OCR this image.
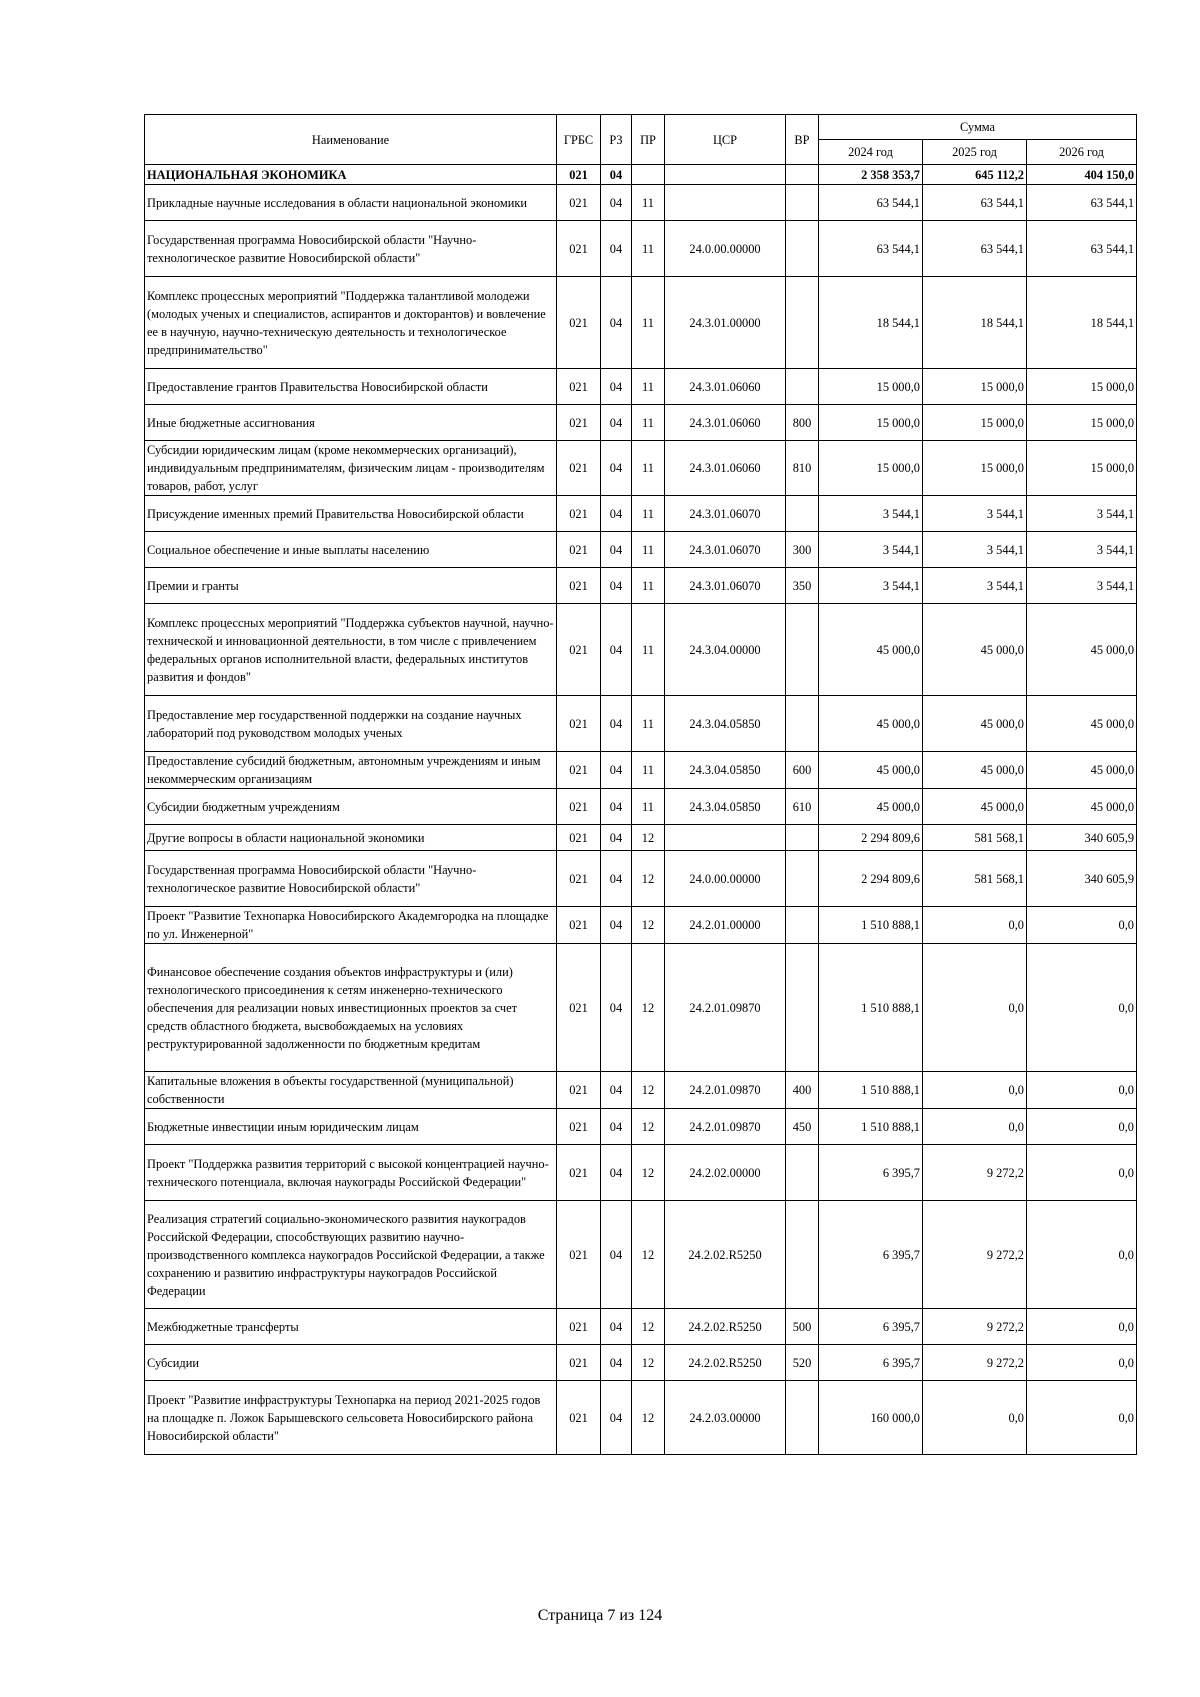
Наименование	ГРБС	РЗ	ПР	ЦСР	ВР	Сумма		
						2024 год	2025 год	2026 год
НАЦИОНАЛЬНАЯ ЭКОНОМИКА	021	04				2 358 353,7	645 112,2	404 150,0
Прикладные научные исследования в области национальной экономики	021	04	11			63 544,1	63 544,1	63 544,1
Государственная программа Новосибирской области "Научно-технологическое развитие Новосибирской области"	021	04	11	24.0.00.00000		63 544,1	63 544,1	63 544,1
Комплекс процессных мероприятий "Поддержка талантливой молодежи (молодых ученых и специалистов, аспирантов и докторантов) и вовлечение ее в научную, научно-техническую деятельность и технологическое предпринимательство"	021	04	11	24.3.01.00000		18 544,1	18 544,1	18 544,1
Предоставление грантов Правительства Новосибирской области	021	04	11	24.3.01.06060		15 000,0	15 000,0	15 000,0
Иные бюджетные ассигнования	021	04	11	24.3.01.06060	800	15 000,0	15 000,0	15 000,0
Субсидии юридическим лицам (кроме некоммерческих организаций), индивидуальным предпринимателям, физическим лицам - производителям товаров, работ, услуг	021	04	11	24.3.01.06060	810	15 000,0	15 000,0	15 000,0
Присуждение именных премий Правительства Новосибирской области	021	04	11	24.3.01.06070		3 544,1	3 544,1	3 544,1
Социальное обеспечение и иные выплаты населению	021	04	11	24.3.01.06070	300	3 544,1	3 544,1	3 544,1
Премии и гранты	021	04	11	24.3.01.06070	350	3 544,1	3 544,1	3 544,1
Комплекс процессных мероприятий "Поддержка субъектов научной, научно-технической и инновационной деятельности, в том числе с привлечением федеральных органов исполнительной власти, федеральных институтов развития и фондов"	021	04	11	24.3.04.00000		45 000,0	45 000,0	45 000,0
Предоставление мер государственной поддержки на создание научных лабораторий под руководством молодых ученых	021	04	11	24.3.04.05850		45 000,0	45 000,0	45 000,0
Предоставление субсидий бюджетным, автономным учреждениям и иным некоммерческим организациям	021	04	11	24.3.04.05850	600	45 000,0	45 000,0	45 000,0
Субсидии бюджетным учреждениям	021	04	11	24.3.04.05850	610	45 000,0	45 000,0	45 000,0
Другие вопросы в области национальной экономики	021	04	12			2 294 809,6	581 568,1	340 605,9
Государственная программа Новосибирской области "Научно-технологическое развитие Новосибирской области"	021	04	12	24.0.00.00000		2 294 809,6	581 568,1	340 605,9
Проект "Развитие Технопарка Новосибирского Академгородка на площадке по ул. Инженерной"	021	04	12	24.2.01.00000		1 510 888,1	0,0	0,0
Финансовое обеспечение создания объектов инфраструктуры и (или) технологического присоединения к сетям инженерно-технического обеспечения для реализации новых инвестиционных проектов за счет средств областного бюджета, высвобождаемых на условиях реструктурированной задолженности по бюджетным кредитам	021	04	12	24.2.01.09870		1 510 888,1	0,0	0,0
Капитальные вложения в объекты государственной (муниципальной) собственности	021	04	12	24.2.01.09870	400	1 510 888,1	0,0	0,0
Бюджетные инвестиции иным юридическим лицам	021	04	12	24.2.01.09870	450	1 510 888,1	0,0	0,0
Проект "Поддержка развития территорий с высокой концентрацией научно-технического потенциала, включая наукограды Российской Федерации"	021	04	12	24.2.02.00000		6 395,7	9 272,2	0,0
Реализация стратегий социально-экономического развития наукоградов Российской Федерации, способствующих развитию научно-производственного комплекса наукоградов Российской Федерации, а также сохранению и развитию инфраструктуры наукоградов Российской Федерации	021	04	12	24.2.02.R5250		6 395,7	9 272,2	0,0
Межбюджетные трансферты	021	04	12	24.2.02.R5250	500	6 395,7	9 272,2	0,0
Субсидии	021	04	12	24.2.02.R5250	520	6 395,7	9 272,2	0,0
Проект "Развитие инфраструктуры Технопарка на период 2021-2025 годов на площадке п. Ложок Барышевского сельсовета Новосибирского района Новосибирской области"	021	04	12	24.2.03.00000		160 000,0	0,0	0,0
Страница 7 из 124
